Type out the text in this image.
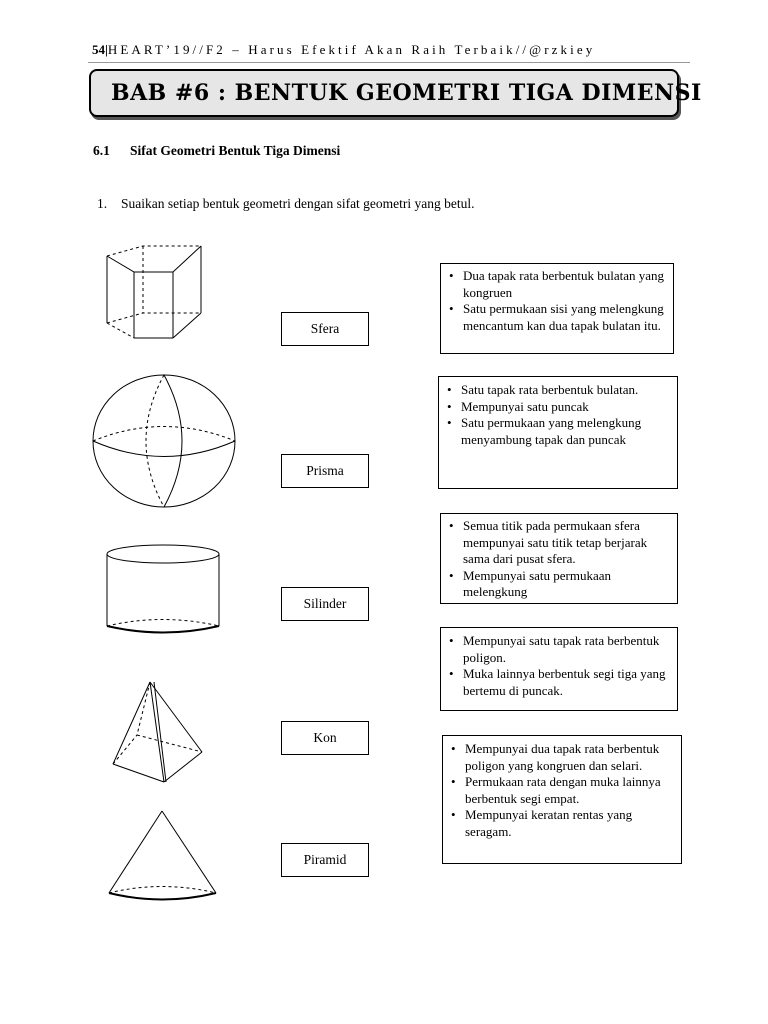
54|HEART’19//F2 – Harus Efektif Akan Raih Terbaik//@rzkiey
BAB #6 : BENTUK GEOMETRI TIGA DIMENSI
6.1 Sifat Geometri Bentuk Tiga Dimensi
1. Suaikan setiap bentuk geometri dengan sifat geometri yang betul.
Sfera
Prisma
Silinder
Kon
Piramid
• Dua tapak rata berbentuk bulatan yang kongruen
• Satu permukaan sisi yang melengkung mencantum kan dua tapak bulatan itu.
• Satu tapak rata berbentuk bulatan.
• Mempunyai satu puncak
• Satu permukaan yang melengkung menyambung tapak dan puncak
• Semua titik pada permukaan sfera mempunyai satu titik tetap berjarak sama dari pusat sfera.
• Mempunyai satu permukaan melengkung
• Mempunyai satu tapak rata berbentuk poligon.
• Muka lainnya berbentuk segi tiga yang bertemu di puncak.
• Mempunyai dua tapak rata berbentuk poligon yang kongruen dan selari.
• Permukaan rata dengan muka lainnya berbentuk segi empat.
• Mempunyai keratan rentas yang seragam.
